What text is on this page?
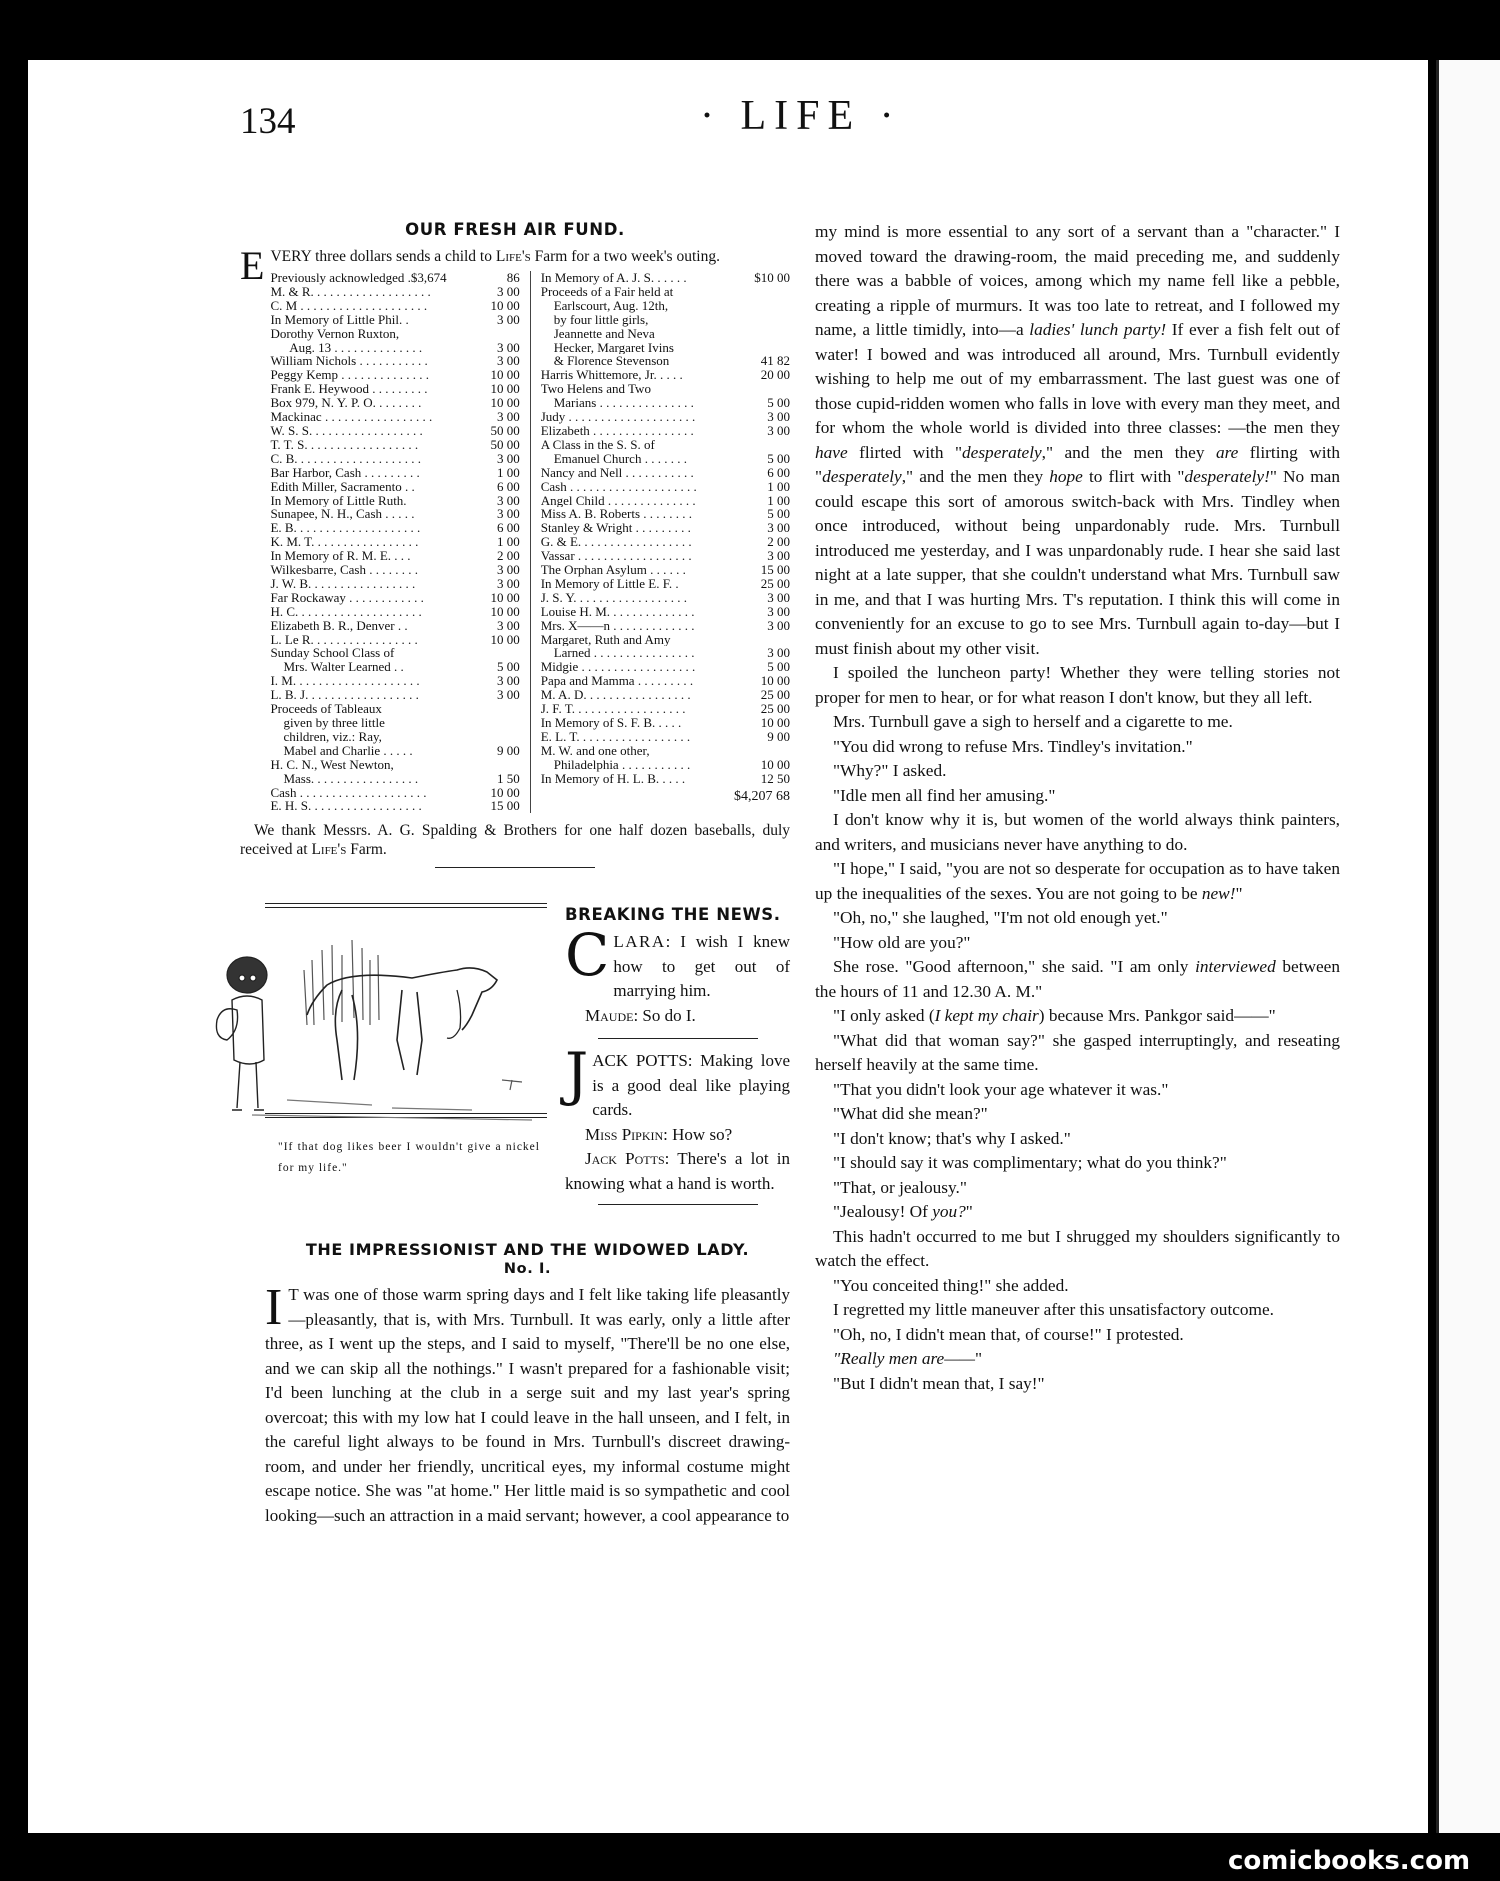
134	· LIFE ·
OUR FRESH AIR FUND.

EVERY three dollars sends a child to Life's Farm for a two week's outing.

Previously acknowledged .$3,674	86
M. & R. . . . . . . . . . . . . . . . . . .	3 00
C. M . . . . . . . . . . . . . . . . . . . .	10 00
In Memory of Little Phil. .	3 00
Dorothy Vernon Ruxton,
Aug. 13 . . . . . . . . . . . . . .	3 00
William Nichols . . . . . . . . . . .	3 00
Peggy Kemp . . . . . . . . . . . . . .	10 00
Frank E. Heywood . . . . . . . . .	10 00
Box 979, N. Y. P. O. . . . . . . .	10 00
Mackinac . . . . . . . . . . . . . . . . .	3 00
W. S. S. . . . . . . . . . . . . . . . . .	50 00
T. T. S. . . . . . . . . . . . . . . . . .	50 00
C. B. . . . . . . . . . . . . . . . . . . .	3 00
Bar Harbor, Cash . . . . . . . . .	1 00
Edith Miller, Sacramento . .	6 00
In Memory of Little Ruth.	3 00
Sunapee, N. H., Cash . . . . .	3 00
E. B. . . . . . . . . . . . . . . . . . . .	6 00
K. M. T. . . . . . . . . . . . . . . . .	1 00
In Memory of R. M. E. . . .	2 00
Wilkesbarre, Cash . . . . . . . .	3 00
J. W. B. . . . . . . . . . . . . . . . .	3 00
Far Rockaway . . . . . . . . . . . .	10 00
H. C. . . . . . . . . . . . . . . . . . . .	10 00
Elizabeth B. R., Denver . .	3 00
L. Le R. . . . . . . . . . . . . . . . .	10 00
Sunday School Class of
Mrs. Walter Learned . .	5 00
I. M. . . . . . . . . . . . . . . . . . . .	3 00
L. B. J. . . . . . . . . . . . . . . . . .	3 00
Proceeds of Tableaux
given by three little
children, viz.: Ray,
Mabel and Charlie . . . . .	9 00
H. C. N., West Newton,
Mass. . . . . . . . . . . . . . . . .	1 50
Cash . . . . . . . . . . . . . . . . . . . .	10 00
E. H. S. . . . . . . . . . . . . . . . . .	15 00
In Memory of A. J. S. . . . . .	$10 00
Proceeds of a Fair held at
Earlscourt, Aug. 12th,
by four little girls,
Jeannette and Neva
Hecker, Margaret Ivins
& Florence Stevenson	41 82
Harris Whittemore, Jr. . . . .	20 00
Two Helens and Two
Marians . . . . . . . . . . . . . . .	5 00
Judy . . . . . . . . . . . . . . . . . . . .	3 00
Elizabeth . . . . . . . . . . . . . . . .	3 00
A Class in the S. S. of
Emanuel Church . . . . . . .	5 00
Nancy and Nell . . . . . . . . . . .	6 00
Cash . . . . . . . . . . . . . . . . . . . .	1 00
Angel Child . . . . . . . . . . . . . .	1 00
Miss A. B. Roberts . . . . . . . .	5 00
Stanley & Wright . . . . . . . . .	3 00
G. & E. . . . . . . . . . . . . . . . . .	2 00
Vassar . . . . . . . . . . . . . . . . . .	3 00
The Orphan Asylum . . . . . .	15 00
In Memory of Little E. F. .	25 00
J. S. Y. . . . . . . . . . . . . . . . . .	3 00
Louise H. M. . . . . . . . . . . . . .	3 00
Mrs. X——n . . . . . . . . . . . . .	3 00
Margaret, Ruth and Amy
Larned . . . . . . . . . . . . . . . .	3 00
Midgie . . . . . . . . . . . . . . . . . .	5 00
Papa and Mamma . . . . . . . . .	10 00
M. A. D. . . . . . . . . . . . . . . . .	25 00
J. F. T. . . . . . . . . . . . . . . . . .	25 00
In Memory of S. F. B. . . . .	10 00
E. L. T. . . . . . . . . . . . . . . . . .	9 00
M. W. and one other,
Philadelphia . . . . . . . . . . .	10 00
In Memory of H. L. B. . . . .	12 50
$4,207 68

We thank Messrs. A. G. Spalding & Brothers for one half dozen baseballs, duly received at Life's Farm.

"If that dog likes beer I wouldn't give a nickel for my life."
BREAKING THE NEWS.

CLARA: I wish I knew how to get out of marrying him.

Maude: So do I.

JACK POTTS: Making love is a good deal like playing cards.

Miss Pipkin: How so?

Jack Potts: There's a lot in knowing what a hand is worth.

THE IMPRESSIONIST AND THE WIDOWED LADY.
No. I.

I T was one of those warm spring days and I felt like taking life pleasantly—pleasantly, that is, with Mrs. Turnbull. It was early, only a little after three, as I went up the steps, and I said to myself, "There'll be no one else, and we can skip all the nothings." I wasn't prepared for a fashionable visit; I'd been lunching at the club in a serge suit and my last year's spring overcoat; this with my low hat I could leave in the hall unseen, and I felt, in the careful light always to be found in Mrs. Turnbull's discreet drawing-room, and under her friendly, uncritical eyes, my informal costume might escape notice. She was "at home." Her little maid is so sympathetic and cool looking—such an attraction in a maid servant; however, a cool appearance to

my mind is more essential to any sort of a servant than a "character." I moved toward the drawing-room, the maid preceding me, and suddenly there was a babble of voices, among which my name fell like a pebble, creating a ripple of murmurs. It was too late to retreat, and I followed my name, a little timidly, into—a ladies' lunch party! If ever a fish felt out of water! I bowed and was introduced all around, Mrs. Turnbull evidently wishing to help me out of my embarrassment. The last guest was one of those cupid-ridden women who falls in love with every man they meet, and for whom the whole world is divided into three classes: —the men they have flirted with "desperately," and the men they are flirting with "desperately," and the men they hope to flirt with "desperately!" No man could escape this sort of amorous switch-back with Mrs. Tindley when once introduced, without being unpardonably rude. Mrs. Turnbull introduced me yesterday, and I was unpardonably rude. I hear she said last night at a late supper, that she couldn't understand what Mrs. Turnbull saw in me, and that I was hurting Mrs. T's reputation. I think this will come in conveniently for an excuse to go to see Mrs. Turnbull again to-day—but I must finish about my other visit.

I spoiled the luncheon party! Whether they were telling stories not proper for men to hear, or for what reason I don't know, but they all left.

Mrs. Turnbull gave a sigh to herself and a cigarette to me.

"You did wrong to refuse Mrs. Tindley's invitation."

"Why?" I asked.

"Idle men all find her amusing."

I don't know why it is, but women of the world always think painters, and writers, and musicians never have anything to do.

"I hope," I said, "you are not so desperate for occupation as to have taken up the inequalities of the sexes. You are not going to be new!"

"Oh, no," she laughed, "I'm not old enough yet."

"How old are you?"

She rose. "Good afternoon," she said. "I am only interviewed between the hours of 11 and 12.30 A. M."

"I only asked (I kept my chair) because Mrs. Pankgor said——"

"What did that woman say?" she gasped interruptingly, and reseating herself heavily at the same time.

"That you didn't look your age whatever it was."

"What did she mean?"

"I don't know; that's why I asked."

"I should say it was complimentary; what do you think?"

"That, or jealousy."

"Jealousy! Of you?"

This hadn't occurred to me but I shrugged my shoulders significantly to watch the effect.

"You conceited thing!" she added.

I regretted my little maneuver after this unsatisfactory outcome.

"Oh, no, I didn't mean that, of course!" I protested.

"Really men are——"

"But I didn't mean that, I say!"

comicbooks.com
